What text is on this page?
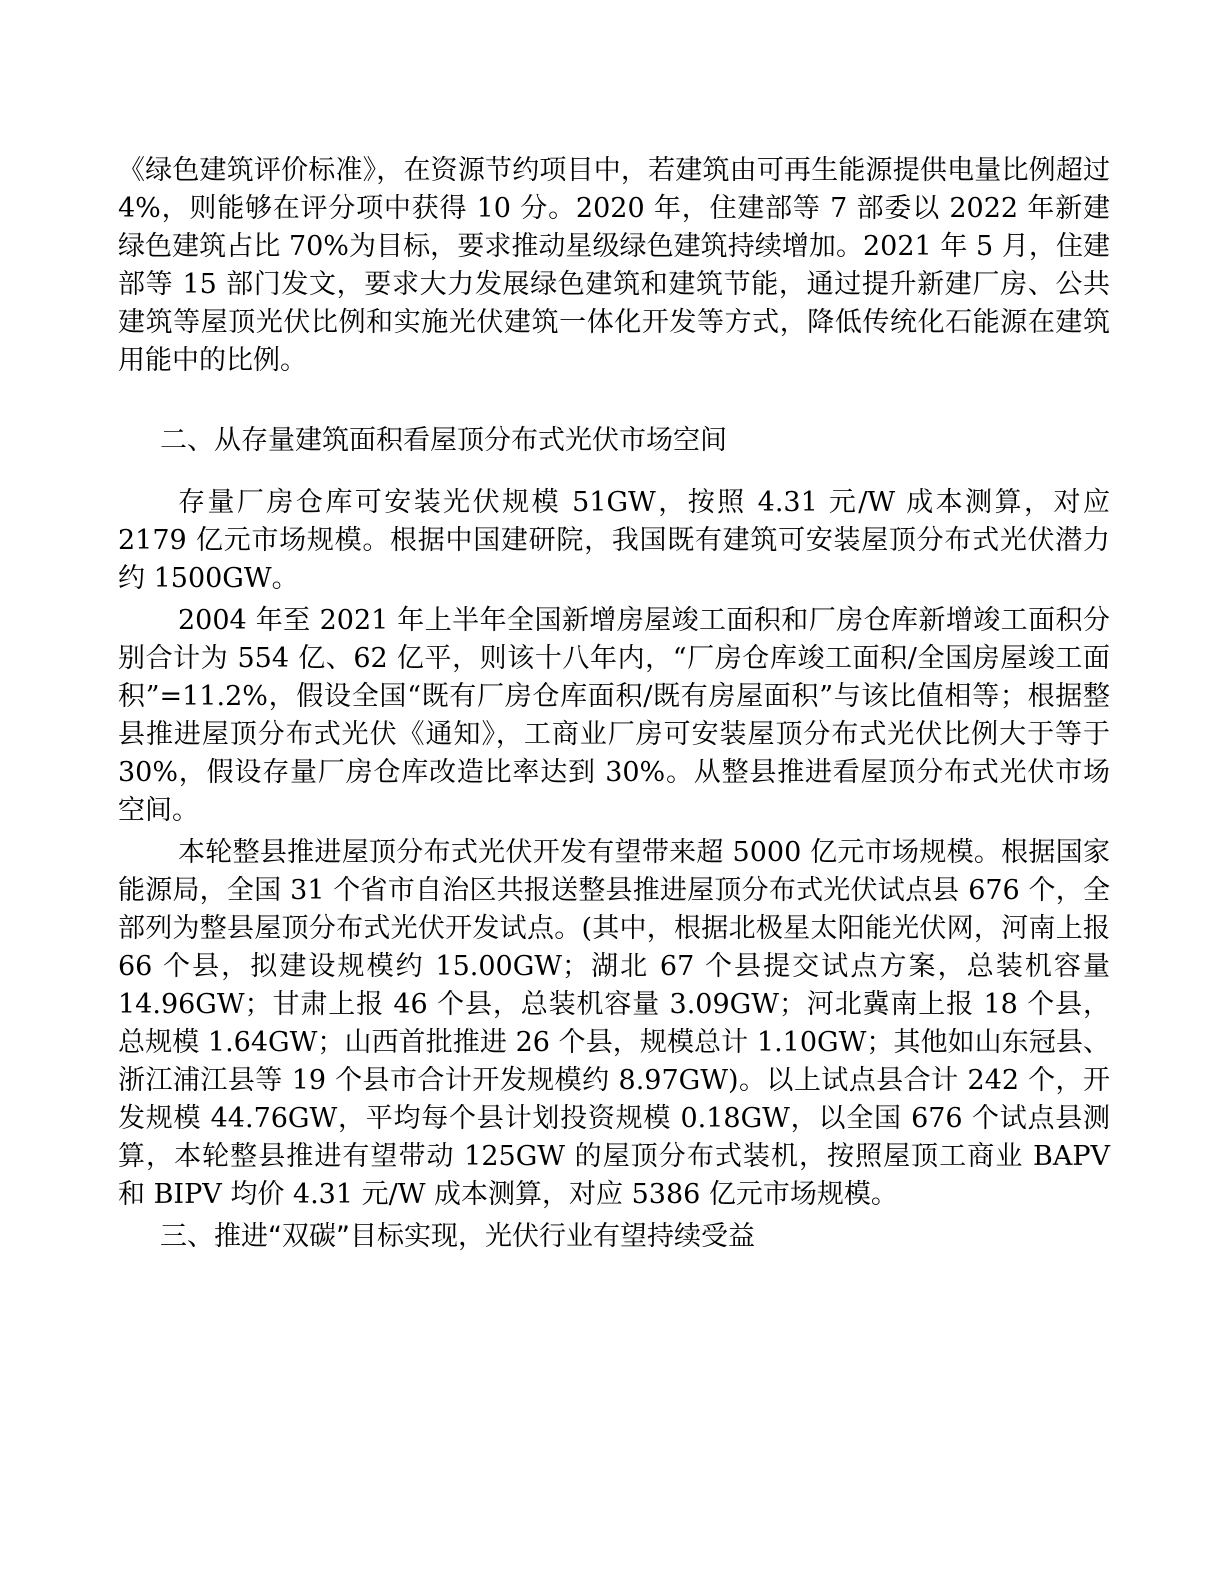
《绿色建筑评价标准》，在资源节约项目中，若建筑由可再生能源提供电量比例超过 4%，则能够在评分项中获得 10 分。2020 年，住建部等 7 部委以 2022 年新建绿色建筑占比 70%为目标，要求推动星级绿色建筑持续增加。2021 年 5 月，住建部等 15 部门发文，要求大力发展绿色建筑和建筑节能，通过提升新建厂房、公共建筑等屋顶光伏比例和实施光伏建筑一体化开发等方式，降低传统化石能源在建筑用能中的比例。

二、从存量建筑面积看屋顶分布式光伏市场空间

存量厂房仓库可安装光伏规模 51GW，按照 4.31 元/W 成本测算，对应 2179 亿元市场规模。根据中国建研院，我国既有建筑可安装屋顶分布式光伏潜力约 1500GW。

2004 年至 2021 年上半年全国新增房屋竣工面积和厂房仓库新增竣工面积分别合计为 554 亿、62 亿平，则该十八年内，“厂房仓库竣工面积/全国房屋竣工面积”=11.2%，假设全国“既有厂房仓库面积/既有房屋面积”与该比值相等；根据整县推进屋顶分布式光伏《通知》，工商业厂房可安装屋顶分布式光伏比例大于等于 30%，假设存量厂房仓库改造比率达到 30%。从整县推进看屋顶分布式光伏市场空间。

本轮整县推进屋顶分布式光伏开发有望带来超 5000 亿元市场规模。根据国家能源局，全国 31 个省市自治区共报送整县推进屋顶分布式光伏试点县 676 个，全部列为整县屋顶分布式光伏开发试点。(其中，根据北极星太阳能光伏网，河南上报 66 个县，拟建设规模约 15.00GW；湖北 67 个县提交试点方案，总装机容量 14.96GW；甘肃上报 46 个县，总装机容量 3.09GW；河北冀南上报 18 个县，总规模 1.64GW；山西首批推进 26 个县，规模总计 1.10GW；其他如山东冠县、浙江浦江县等 19 个县市合计开发规模约 8.97GW)。以上试点县合计 242 个，开发规模 44.76GW，平均每个县计划投资规模 0.18GW，以全国 676 个试点县测算，本轮整县推进有望带动 125GW 的屋顶分布式装机，按照屋顶工商业 BAPV 和 BIPV 均价 4.31 元/W 成本测算，对应 5386 亿元市场规模。

三、推进“双碳”目标实现，光伏行业有望持续受益
